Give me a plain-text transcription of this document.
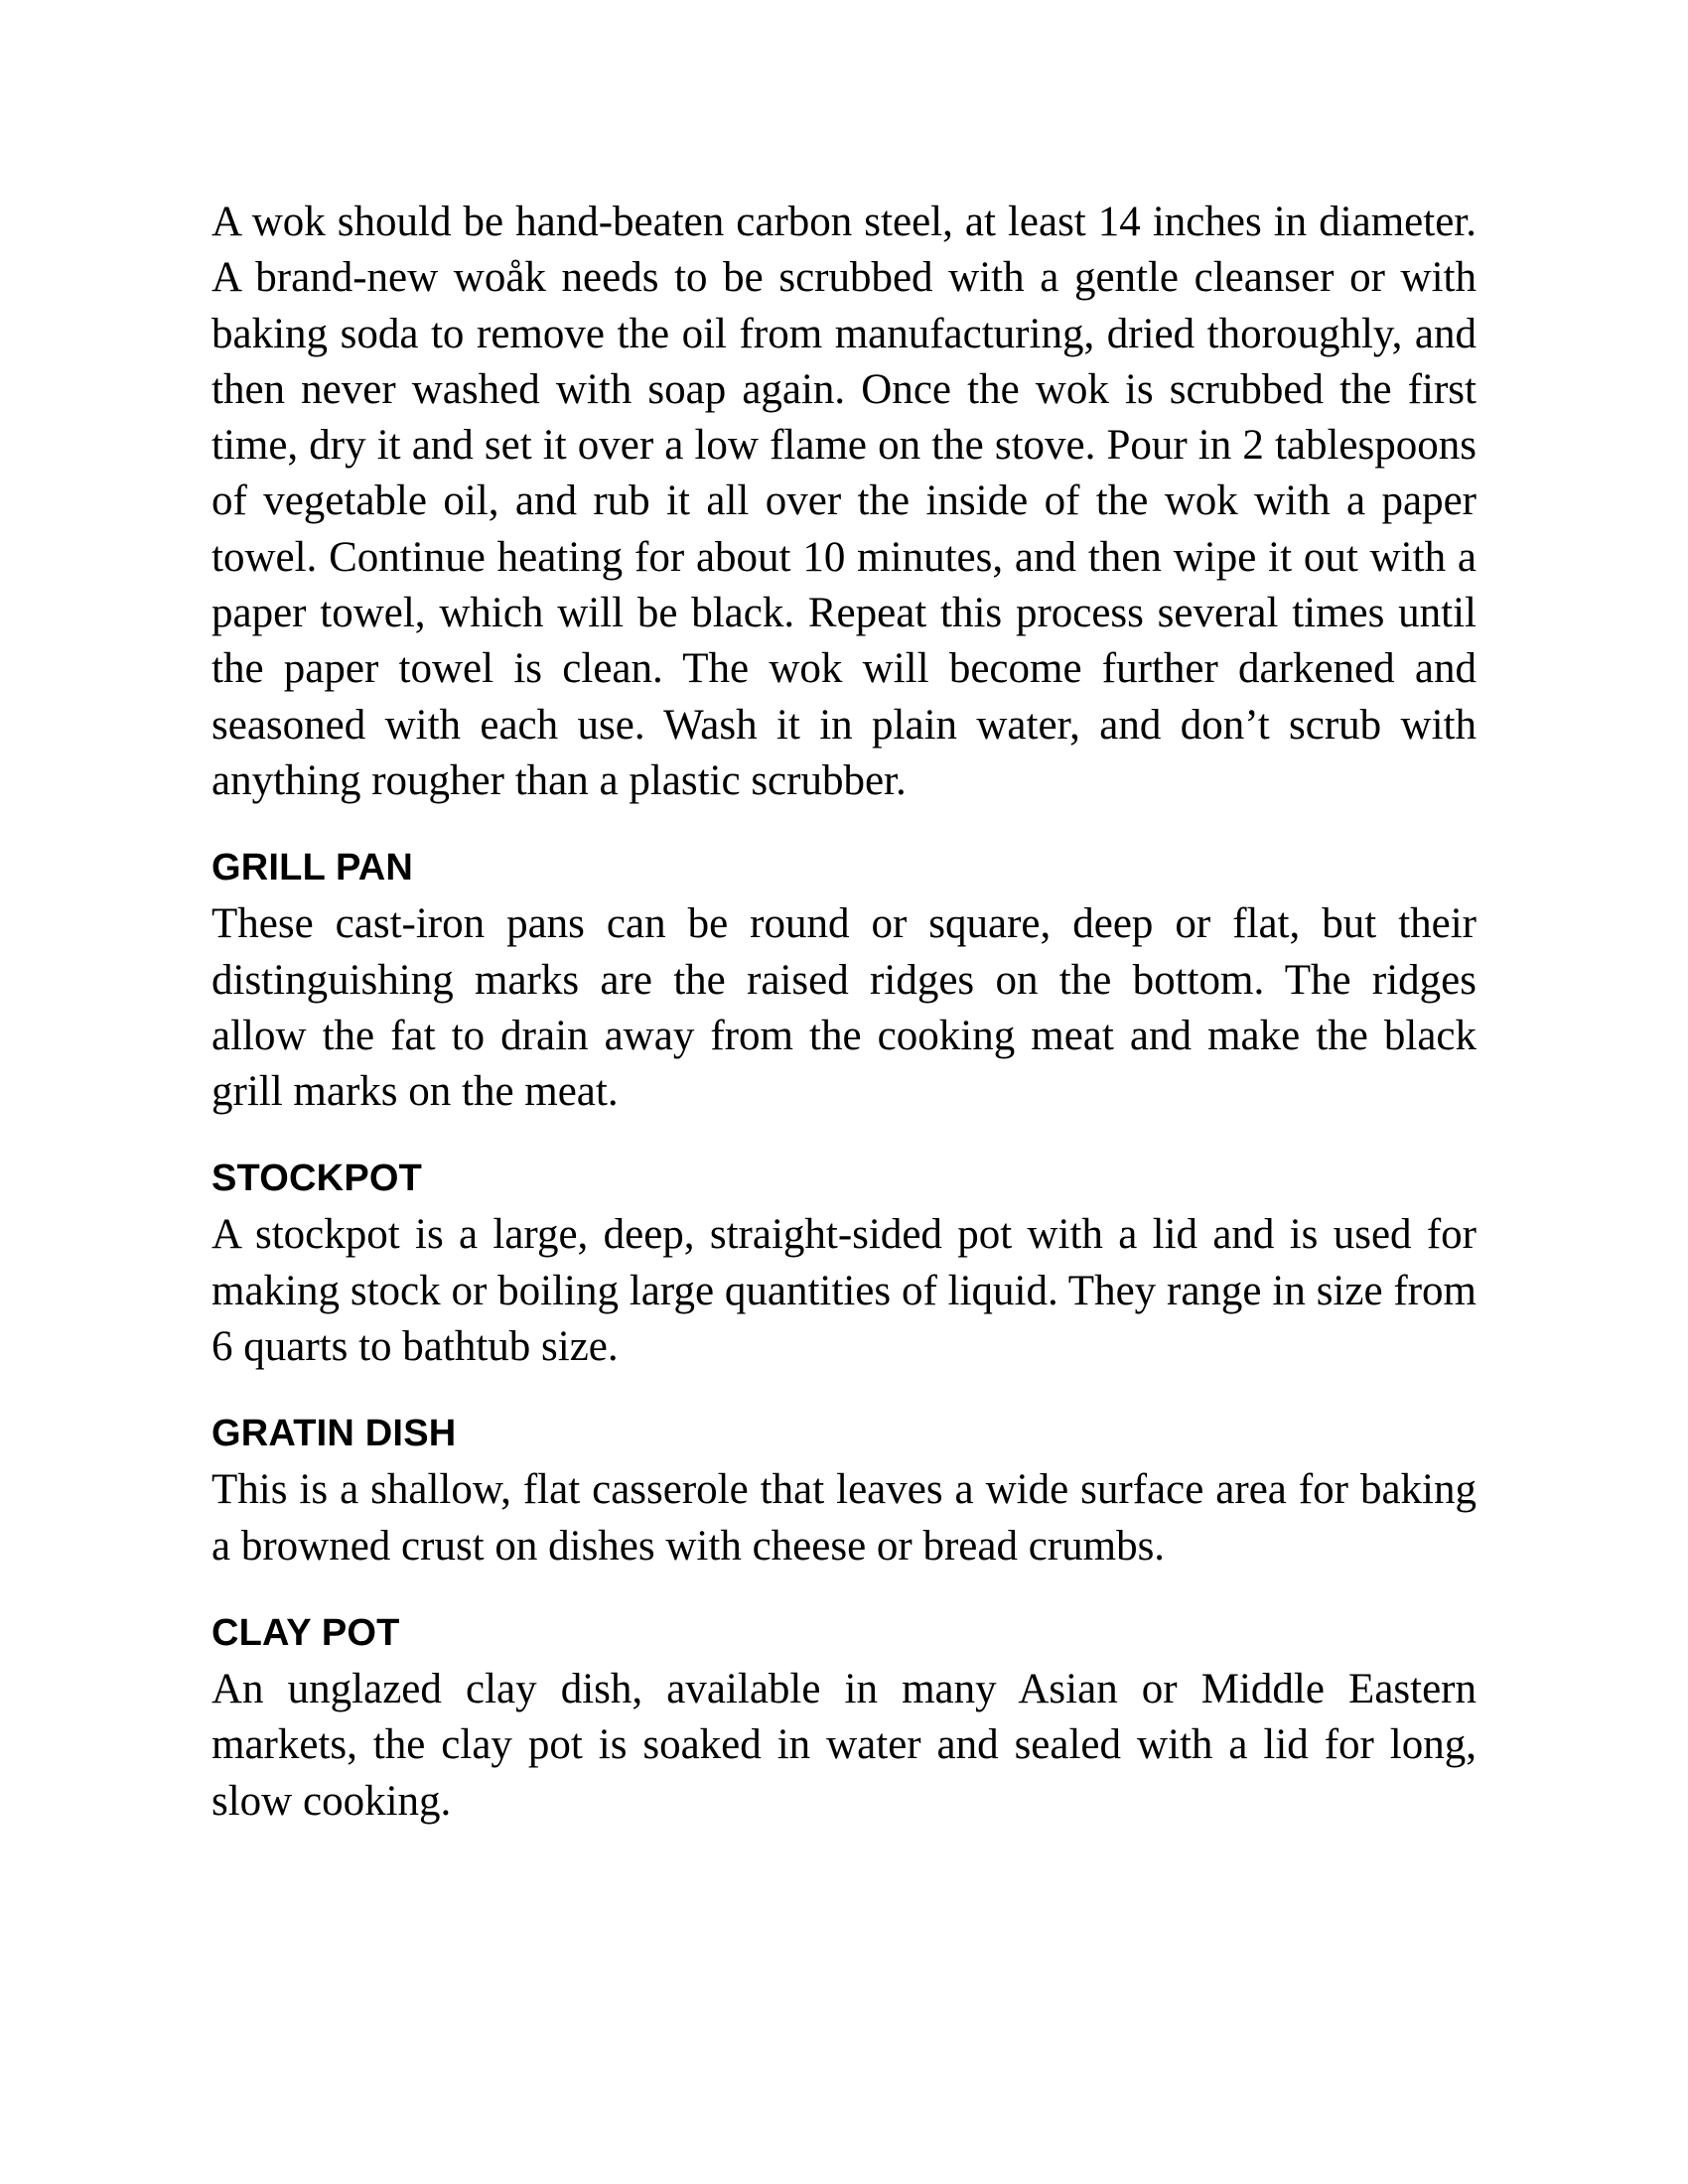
A wok should be hand-beaten carbon steel, at least 14 inches in diameter. A brand-new woåk needs to be scrubbed with a gentle cleanser or with baking soda to remove the oil from manufacturing, dried thoroughly, and then never washed with soap again. Once the wok is scrubbed the first time, dry it and set it over a low flame on the stove. Pour in 2 tablespoons of vegetable oil, and rub it all over the inside of the wok with a paper towel. Continue heating for about 10 minutes, and then wipe it out with a paper towel, which will be black. Repeat this process several times until the paper towel is clean. The wok will become further darkened and seasoned with each use. Wash it in plain water, and don’t scrub with anything rougher than a plastic scrubber.

GRILL PAN

These cast-iron pans can be round or square, deep or flat, but their distinguishing marks are the raised ridges on the bottom. The ridges allow the fat to drain away from the cooking meat and make the black grill marks on the meat.

STOCKPOT

A stockpot is a large, deep, straight-sided pot with a lid and is used for making stock or boiling large quantities of liquid. They range in size from 6 quarts to bathtub size.

GRATIN DISH

This is a shallow, flat casserole that leaves a wide surface area for baking a browned crust on dishes with cheese or bread crumbs.

CLAY POT

An unglazed clay dish, available in many Asian or Middle Eastern markets, the clay pot is soaked in water and sealed with a lid for long, slow cooking.
